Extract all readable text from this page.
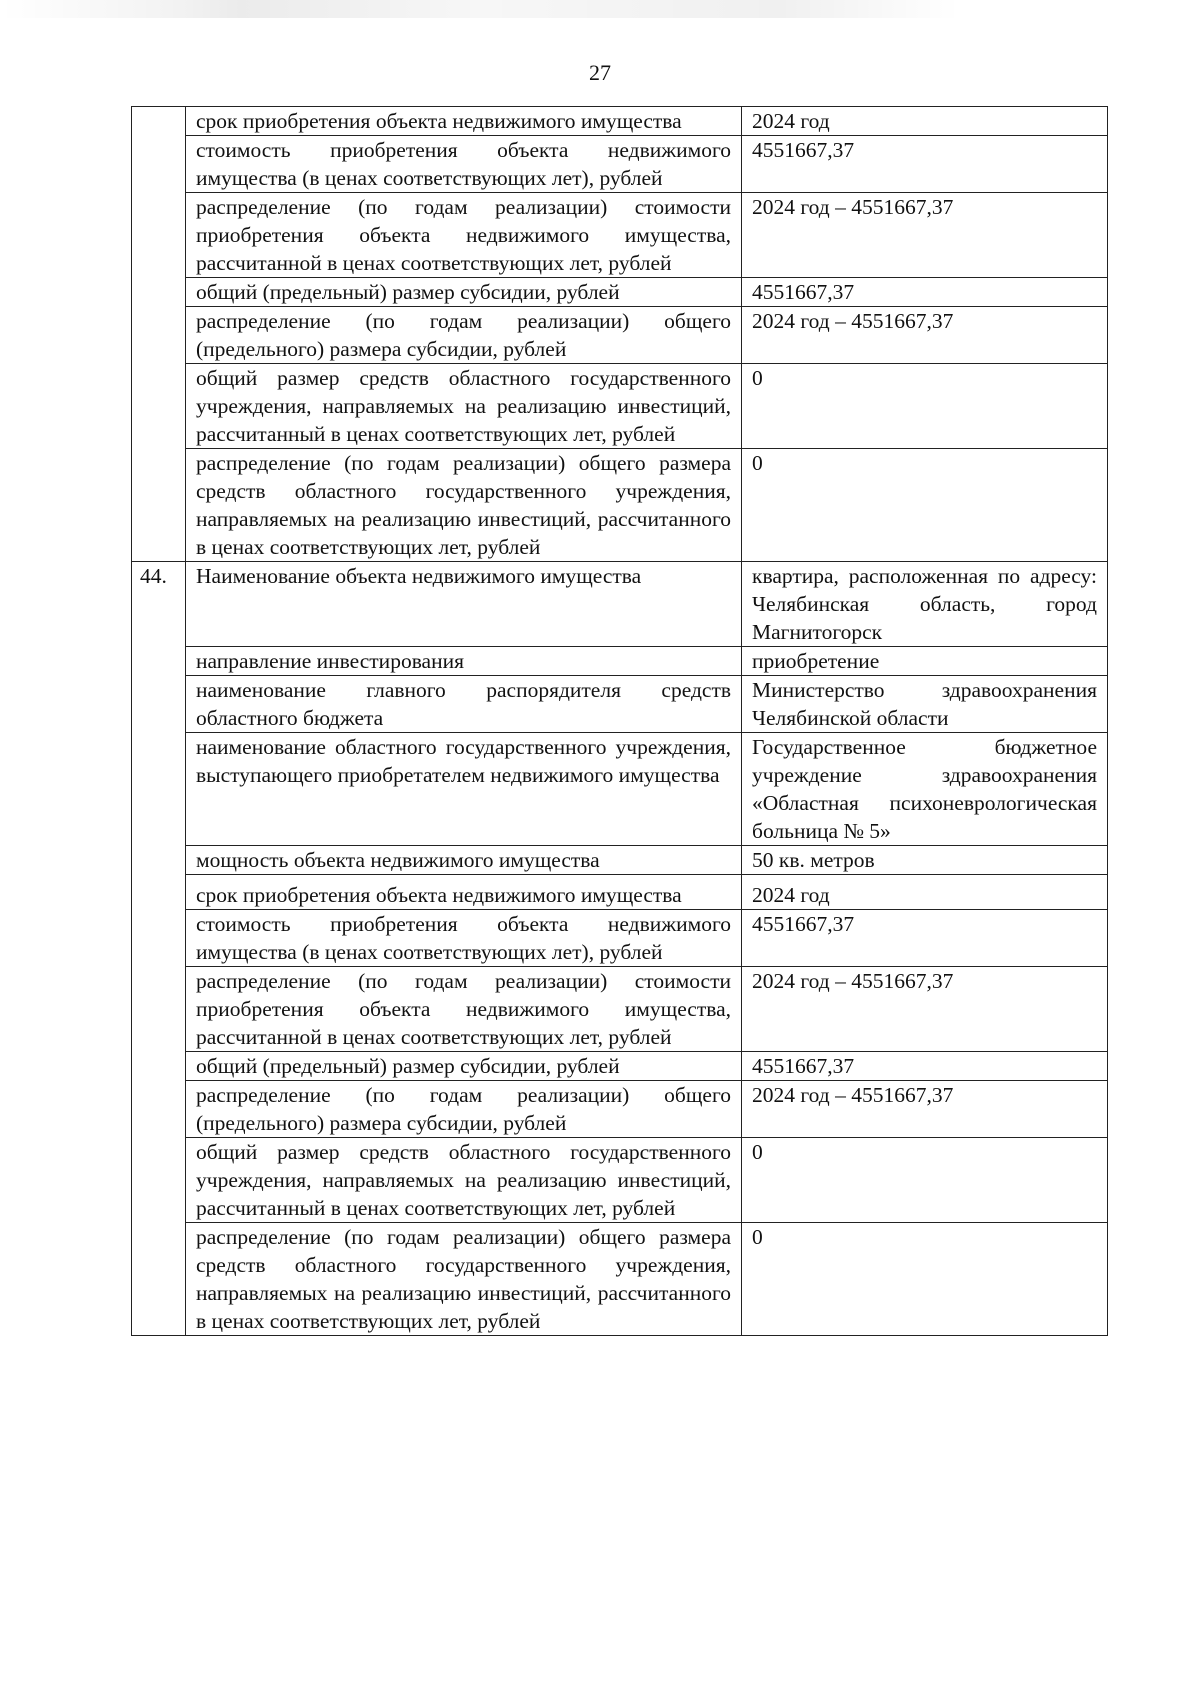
27
	срок приобретения объекта недвижимого имущества	2024 год
	стоимость приобретения объекта недвижимого имущества (в ценах соответствующих лет), рублей	4551667,37
	распределение (по годам реализации) стоимости приобретения объекта недвижимого имущества, рассчитанной в ценах соответствующих лет, рублей	2024 год – 4551667,37
	общий (предельный) размер субсидии, рублей	4551667,37
	распределение (по годам реализации) общего (предельного) размера субсидии, рублей	2024 год – 4551667,37
	общий размер средств областного государственного учреждения, направляемых на реализацию инвестиций, рассчитанный в ценах соответствующих лет, рублей	0
	распределение (по годам реализации) общего размера средств областного государственного учреждения, направляемых на реализацию инвестиций, рассчитанного в ценах соответствующих лет, рублей	0
44.	Наименование объекта недвижимого имущества	квартира, расположенная по адресу: Челябинская область, город Магнитогорск
	направление инвестирования	приобретение
	наименование главного распорядителя средств областного бюджета	Министерство здравоохранения Челябинской области
	наименование областного государственного учреждения, выступающего приобретателем недвижимого имущества	Государственное бюджетное учреждение здравоохранения «Областная психоневрологическая больница № 5»
	мощность объекта недвижимого имущества	50 кв. метров
	срок приобретения объекта недвижимого имущества	2024 год
	стоимость приобретения объекта недвижимого имущества (в ценах соответствующих лет), рублей	4551667,37
	распределение (по годам реализации) стоимости приобретения объекта недвижимого имущества, рассчитанной в ценах соответствующих лет, рублей	2024 год – 4551667,37
	общий (предельный) размер субсидии, рублей	4551667,37
	распределение (по годам реализации) общего (предельного) размера субсидии, рублей	2024 год – 4551667,37
	общий размер средств областного государственного учреждения, направляемых на реализацию инвестиций, рассчитанный в ценах соответствующих лет, рублей	0
	распределение (по годам реализации) общего размера средств областного государственного учреждения, направляемых на реализацию инвестиций, рассчитанного в ценах соответствующих лет, рублей	0
